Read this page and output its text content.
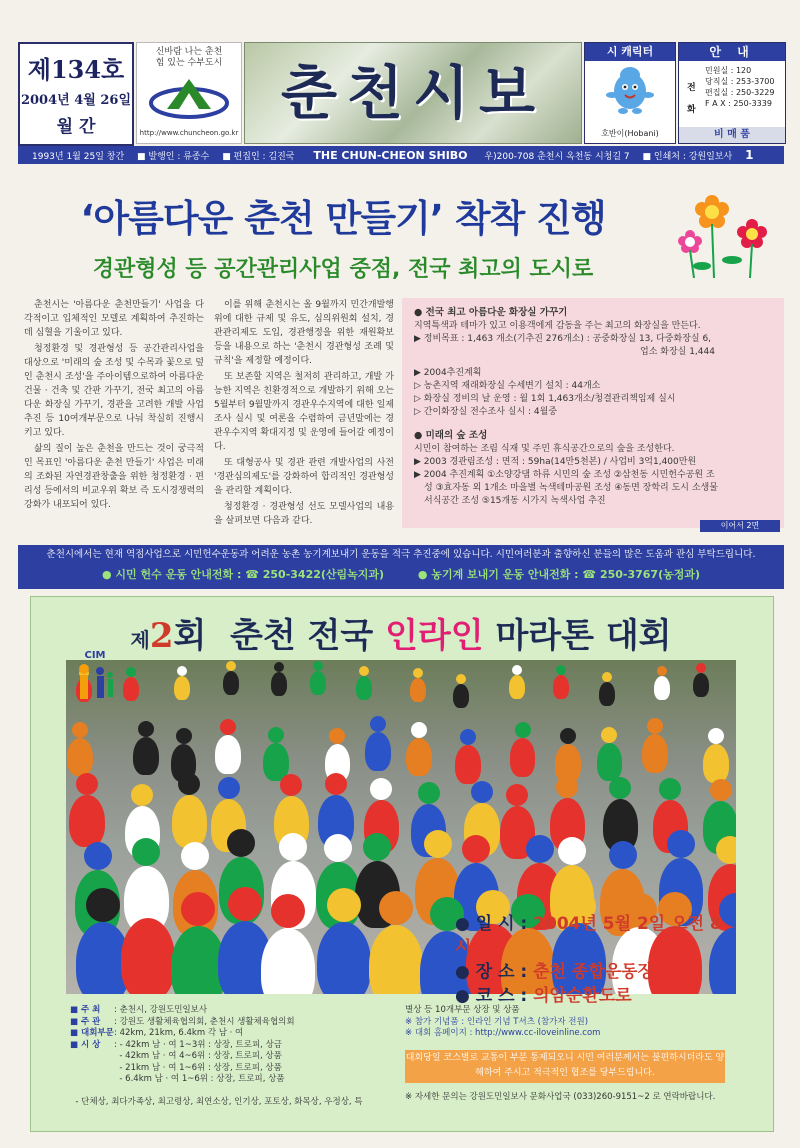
제134호
2004년 4월 26일
월 간
신바람 나는 춘천
힘 있는 수부도시
http://www.chuncheon.go.kr
춘천시보
시 캐릭터
호반이(Hobani)
안 내
전
화
민원실 : 120
당직실 : 253-3700
편집실 : 250-3229
F A X : 250-3339
비 매 품
1993년 1월 25일 창간 ■ 발행인 : 류종수 ■ 편집인 : 김진국 THE CHUN-CHEON SHIBO 우)200-708 춘천시 옥천동 시청길 7 ■ 인쇄처 : 강원일보사 1
‘아름다운 춘천 만들기’ 착착 진행
경관형성 등 공간관리사업 중점, 전국 최고의 도시로

춘천시는 '아름다운 춘천만들기' 사업을 다각적이고 입체적인 모델로 계획하여 추진하는데 심혈을 기울이고 있다.

청정환경 및 경관형성 등 공간관리사업을 대상으로 '미래의 숲 조성 및 수목과 꽃으로 덮인 춘천시 조성'을 주아이템으로하여 아름다운 건물 · 건축 및 간판 가꾸기, 전국 최고의 아름다운 화장실 가꾸기, 경관을 고려한 개발 사업 추진 등 10여개부문으로 나눠 착실히 진행시키고 있다.

삶의 질이 높은 춘천을 만드는 것이 궁극적인 목표인 '아름다운 춘천 만들기' 사업은 미래의 조화된 자연경관창출을 위한 청정환경 · 편리성 등에서의 비교우위 확보 즉 도시경쟁력의 강화가 내포되어 있다.

이를 위해 춘천시는 올 9월까지 민간개발행위에 대한 규제 및 유도, 심의위원회 설치, 경관관리제도 도입, 경관행정을 위한 재원확보 등을 내용으로 하는 '춘천시 경관형성 조례 및 규칙'을 제정할 예정이다.

또 보존할 지역은 철저히 관리하고, 개발 가능한 지역은 친환경적으로 개발하기 위해 오는 5월부터 9월말까지 경관우수지역에 대한 일제조사 실시 및 여론을 수렴하여 금년말에는 경관우수지역 확대지정 및 운영에 들어갈 예정이다.

또 대형공사 및 경관 관련 개발사업의 사전 '경관심의제도'를 강화하여 합리적인 경관형성을 관리할 계획이다.

청정환경 · 경관형성 선도 모델사업의 내용을 살펴보면 다음과 같다.

● 전국 최고 아름다운 화장실 가꾸기
지역특색과 테마가 있고 이용객에게 감동을 주는 최고의 화장실을 만든다.
▶ 정비목표 : 1,463 개소(기추진 276개소) : 공중화장실 13, 다중화장실 6,
업소 화장실 1,444
▶ 2004추진계획
▷ 농촌지역 재래화장실 수세변기 설치 : 44개소
▷ 화장실 정비의 날 운영 : 월 1회 1,463개소/청결관리책임제 실시
▷ 간이화장실 전수조사 실시 : 4월중
● 미래의 숲 조성
시민이 참여하는 조림 식재 및 주민 휴식공간으로의 숲을 조성한다.
▶ 2003 경관림조성 : 면적 : 59ha(14만5천본) / 사업비 3억1,400만원
▶ 2004 추진계획 ①소양강댐 하류 시민의 숲 조성 ②삼천동 시민헌수공원 조
성 ③효자동 외 1개소 마을별 녹색테마공원 조성 ④동면 장학리 도시 소생물
서식공간 조성 ⑤15개동 시가지 녹색사업 추진
이어서 2면
춘천시에서는 현재 역점사업으로 시민헌수운동과 어려운 농촌 농기계보내기 운동을 적극 추진중에 있습니다. 시민여러분과 출향하신 분들의 많은 도움과 관심 부탁드립니다.
● 시민 헌수 운동 안내전화 : ☎ 250-3422(산림녹지과)	● 농기계 보내기 운동 안내전화 : ☎ 250-3767(농정과)
제2회  춘천 전국 인라인 마라톤 대회
CIM
● 일 시 : 2004년 5월 2일 오전 8시
● 장 소 : 춘천 종합운동장
● 코 스 : 의암순환도로
■ 주 최 : 춘천시, 강원도민일보사
■ 주 관 : 강원도 생활체육협의회, 춘천시 생활체육협의회
■ 대회부문: 42km, 21km, 6.4km 각 남 · 여
■ 시 상 : - 42km 남 · 여 1~3위 : 상장, 트로피, 상금
- 42km 남 · 여 4~6위 : 상장, 트로피, 상품
- 21km 남 · 여 1~6위 : 상장, 트로피, 상품
- 6.4km 남 · 여 1~6위 : 상장, 트로피, 상품
- 단체상, 최다가족상, 최고령상, 최연소상, 인기상, 포토상, 화목상, 우정상, 특
별상 등 10개부문 상장 및 상품
※ 참가 기념품 : 인라인 기념 T셔츠 (참가자 전원)
※ 대회 홈페이지 : http://www.cc-iloveinline.com
대회당일 코스별로 교통이 부분 통제되오니 시민 여러분께서는 불편하시더라도 양해하여 주시고 적극적인 협조를 당부드립니다.
※ 자세한 문의는 강원도민일보사 문화사업국 (033)260-9151~2 로 연락바랍니다.
